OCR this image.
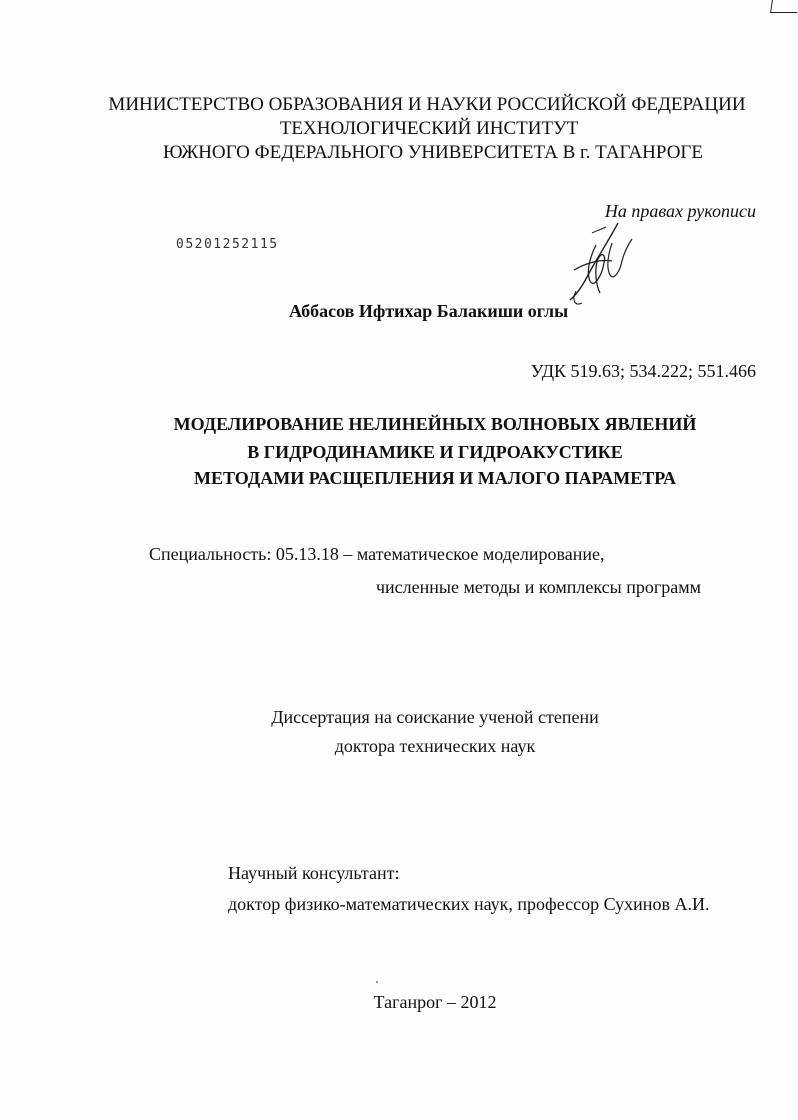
МИНИСТЕРСТВО ОБРАЗОВАНИЯ И НАУКИ РОССИЙСКОЙ ФЕДЕРАЦИИ
ТЕХНОЛОГИЧЕСКИЙ ИНСТИТУТ
ЮЖНОГО ФЕДЕРАЛЬНОГО УНИВЕРСИТЕТА В г. ТАГАНРОГЕ
На правах рукописи
05201252115
Аббасов Ифтихар Балакиши оглы
УДК 519.63; 534.222; 551.466
МОДЕЛИРОВАНИЕ НЕЛИНЕЙНЫХ ВОЛНОВЫХ ЯВЛЕНИЙ
В ГИДРОДИНАМИКЕ И ГИДРОАКУСТИКЕ
МЕТОДАМИ РАСЩЕПЛЕНИЯ И МАЛОГО ПАРАМЕТРА
Специальность: 05.13.18 – математическое моделирование,
численные методы и комплексы программ
Диссертация на соискание ученой степени
доктора технических наук
Научный консультант:
доктор физико-математических наук, профессор Сухинов А.И.
Таганрог – 2012
